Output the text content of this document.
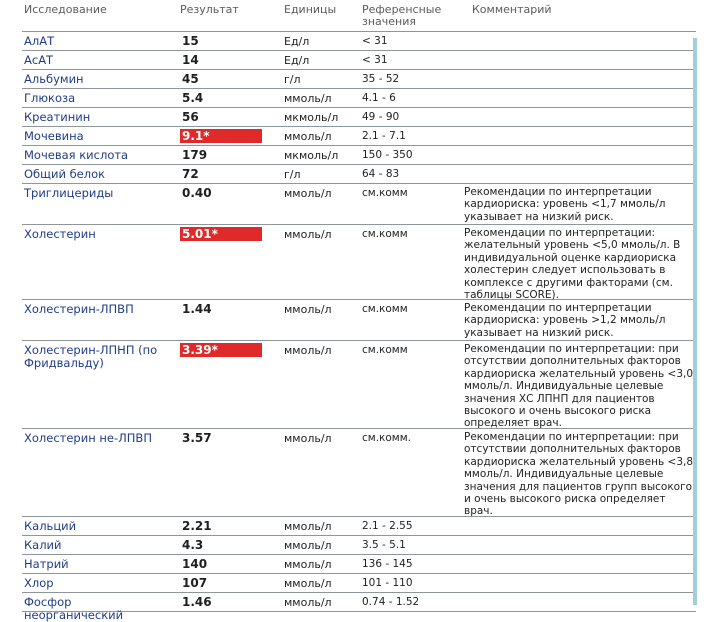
Исследование	Результат	Единицы Референсные
значения
Комментарий
АлАТ	15	Ед/л	< 31
АсАТ	14	Ед/л	< 31
Альбумин	45	г/л	35 - 52
Глюкоза	5.4	ммоль/л	4.1 - 6
Креатинин	56	мкмоль/л 49 - 90
Мочевина	9.1*	ммоль/л	2.1 - 7.1
Мочевая кислота	179	мкмоль/л 150 - 350
Общий белок	72	г/л	64 - 83
Триглицериды	0.40	ммоль/л	см.комм	Рекомендации по интерпретации
кардиориска: уровень <1,7 ммоль/л
указывает на низкий риск.
Холестерин	5.01*	ммоль/л	см.комм	Рекомендации по интерпретации:
желательный уровень <5,0 ммоль/л. В
индивидуальной оценке кардиориска
холестерин следует использовать в
комплексе с другими факторами (см.
таблицы SCORE).
Холестерин-ЛПВП	1.44	ммоль/л	см.комм	Рекомендации по интерпретации
кардиориска: уровень >1,2 ммоль/л
указывает на низкий риск.
Холестерин-ЛПНП (по Фридвальду)
3.39*	ммоль/л	см.комм	Рекомендации по интерпретации: при
отсутствии дополнительных факторов
кардиориска желательный уровень <3,0
ммоль/л. Индивидуальные целевые
значения ХС ЛПНП для пациентов
высокого и очень высокого риска
определяет врач.
Холестерин не-ЛПВП	3.57	ммоль/л	см.комм.	Рекомендации по интерпретации: при
отсутствии дополнительных факторов
кардиориска желательный уровень <3,8
ммоль/л. Индивидуальные целевые
значения для пациентов групп высокого
и очень высокого риска определяет
врач.
Кальций	2.21	ммоль/л	2.1 - 2.55
Калий	4.3	ммоль/л	3.5 - 5.1
Натрий	140	ммоль/л	136 - 145
Хлор	107	ммоль/л	101 - 110
Фосфор неорганический
1.46	ммоль/л	0.74 - 1.52
